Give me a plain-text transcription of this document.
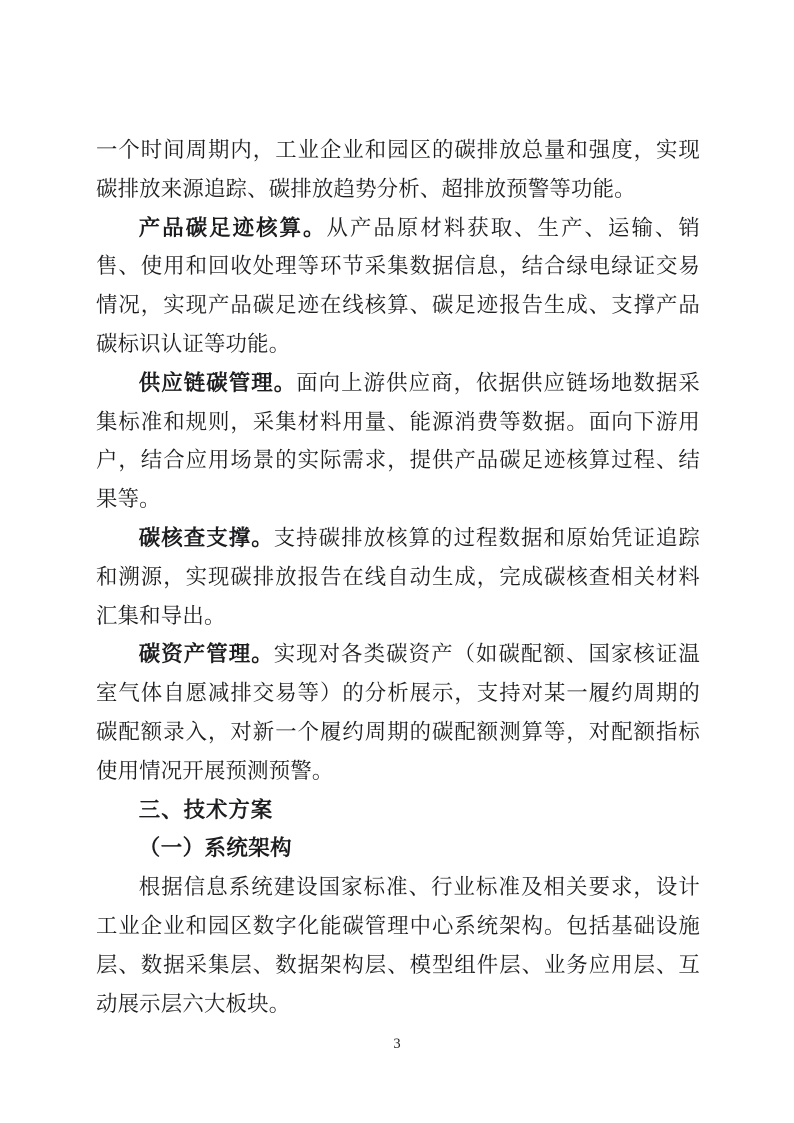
一个时间周期内，工业企业和园区的碳排放总量和强度，实现碳排放来源追踪、碳排放趋势分析、超排放预警等功能。

产品碳足迹核算。从产品原材料获取、生产、运输、销售、使用和回收处理等环节采集数据信息，结合绿电绿证交易情况，实现产品碳足迹在线核算、碳足迹报告生成、支撑产品碳标识认证等功能。

供应链碳管理。面向上游供应商，依据供应链场地数据采集标准和规则，采集材料用量、能源消费等数据。面向下游用户，结合应用场景的实际需求，提供产品碳足迹核算过程、结果等。

碳核查支撑。支持碳排放核算的过程数据和原始凭证追踪和溯源，实现碳排放报告在线自动生成，完成碳核查相关材料汇集和导出。

碳资产管理。实现对各类碳资产（如碳配额、国家核证温室气体自愿减排交易等）的分析展示，支持对某一履约周期的碳配额录入，对新一个履约周期的碳配额测算等，对配额指标使用情况开展预测预警。

三、技术方案

（一）系统架构

根据信息系统建设国家标准、行业标准及相关要求，设计工业企业和园区数字化能碳管理中心系统架构。包括基础设施层、数据采集层、数据架构层、模型组件层、业务应用层、互动展示层六大板块。

3
